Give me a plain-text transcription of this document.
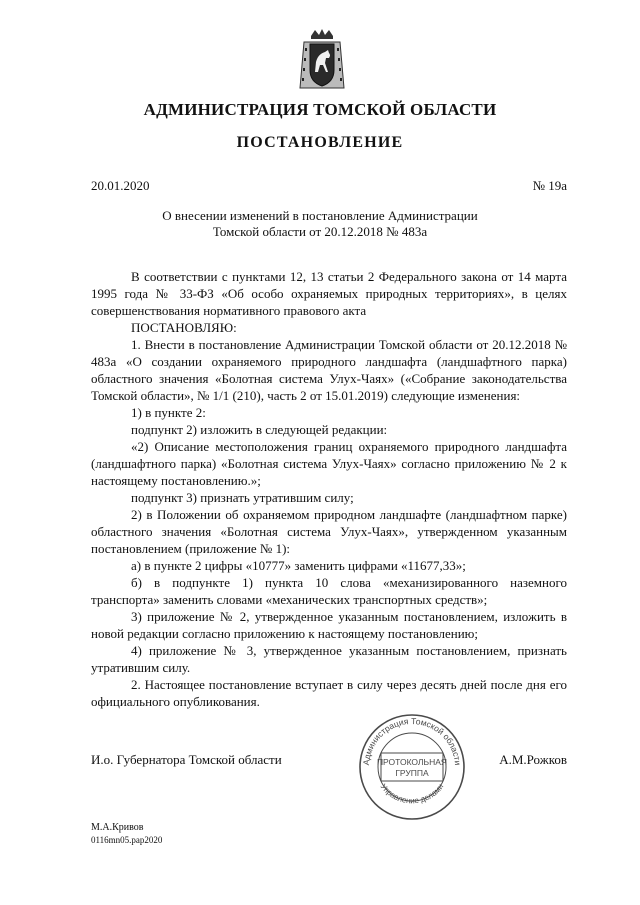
АДМИНИСТРАЦИЯ ТОМСКОЙ ОБЛАСТИ
ПОСТАНОВЛЕНИЕ
20.01.2020	№ 19а
О внесении изменений в постановление Администрации
Томской области от 20.12.2018 № 483а

В соответствии с пунктами 12, 13 статьи 2 Федерального закона от 14 марта 1995 года № 33-ФЗ «Об особо охраняемых природных территориях», в целях совершенствования нормативного правового акта

ПОСТАНОВЛЯЮ:

1. Внести в постановление Администрации Томской области от 20.12.2018 № 483а «О создании охраняемого природного ландшафта (ландшафтного парка) областного значения «Болотная система Улух-Чаях» («Собрание законодательства Томской области», № 1/1 (210), часть 2 от 15.01.2019) следующие изменения:

1) в пункте 2:

подпункт 2) изложить в следующей редакции:

«2) Описание местоположения границ охраняемого природного ландшафта (ландшафтного парка) «Болотная система Улух-Чаях» согласно приложению № 2 к настоящему постановлению.»;

подпункт 3) признать утратившим силу;

2) в Положении об охраняемом природном ландшафте (ландшафтном парке) областного значения «Болотная система Улух-Чаях», утвержденном указанным постановлением (приложение № 1):

а) в пункте 2 цифры «10777» заменить цифрами «11677,33»;

б) в подпункте 1) пункта 10 слова «механизированного наземного транспорта» заменить словами «механических транспортных средств»;

3) приложение № 2, утвержденное указанным постановлением, изложить в новой редакции согласно приложению к настоящему постановлению;

4) приложение № 3, утвержденное указанным постановлением, признать утратившим силу.

2. Настоящее постановление вступает в силу через десять дней после дня его официального опубликования.

И.о. Губернатора Томской области	А.М.Рожков
Администрация Томской области
Управление делами
ПРОТОКОЛЬНАЯ
ГРУППА
М.А.Кривов
0116mn05.pap2020
